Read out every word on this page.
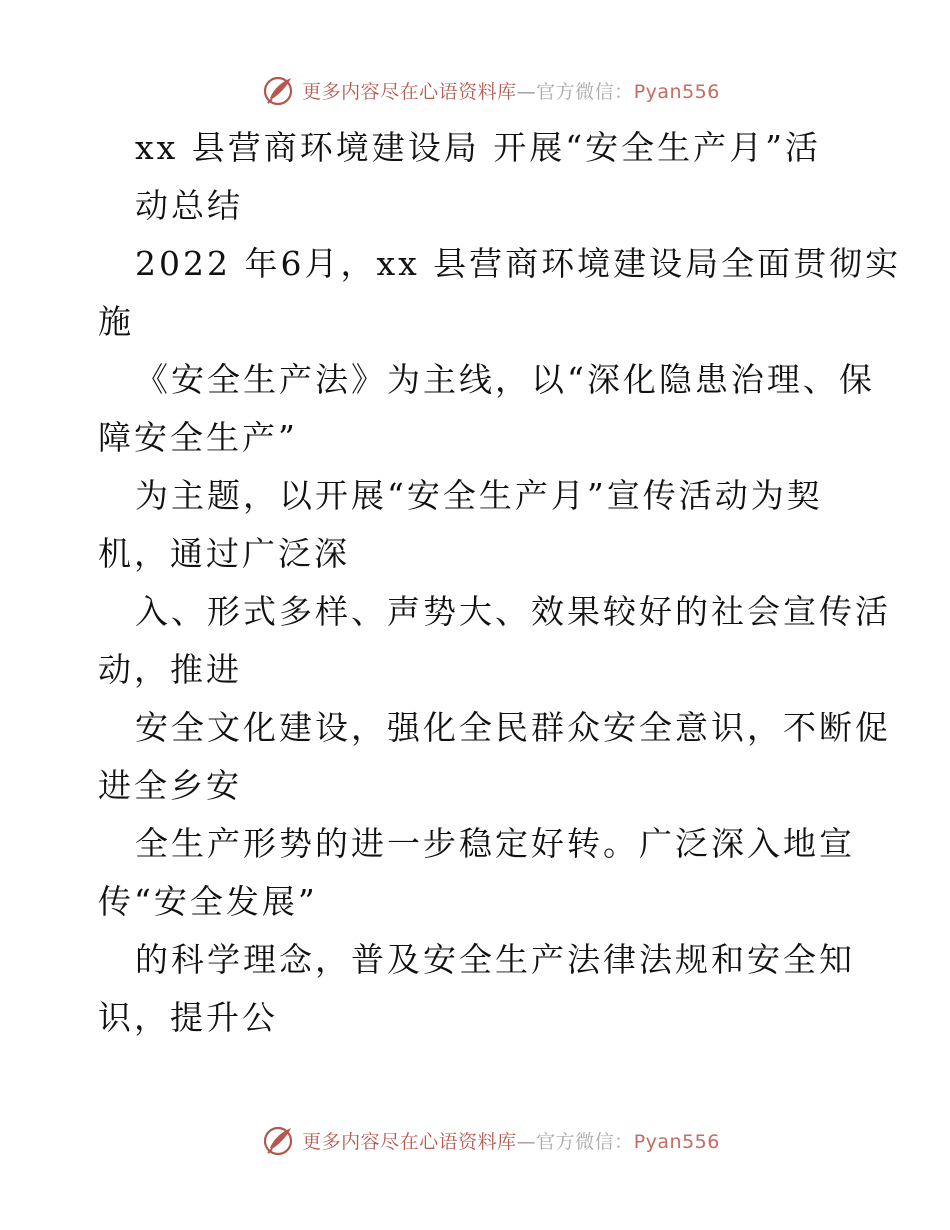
更多内容尽在心语资料库—官方微信：Pyan556

xx 县营商环境建设局 开展“安全生产月”活

动总结

2022 年6月，xx 县营商环境建设局全面贯彻实

施

《安全生产法》为主线，以“深化隐患治理、保

障安全生产”

为主题，以开展“安全生产月”宣传活动为契

机，通过广泛深

入、形式多样、声势大、效果较好的社会宣传活

动，推进

安全文化建设，强化全民群众安全意识，不断促

进全乡安

全生产形势的进一步稳定好转。广泛深入地宣

传“安全发展”

的科学理念，普及安全生产法律法规和安全知

识，提升公

更多内容尽在心语资料库—官方微信：Pyan556
